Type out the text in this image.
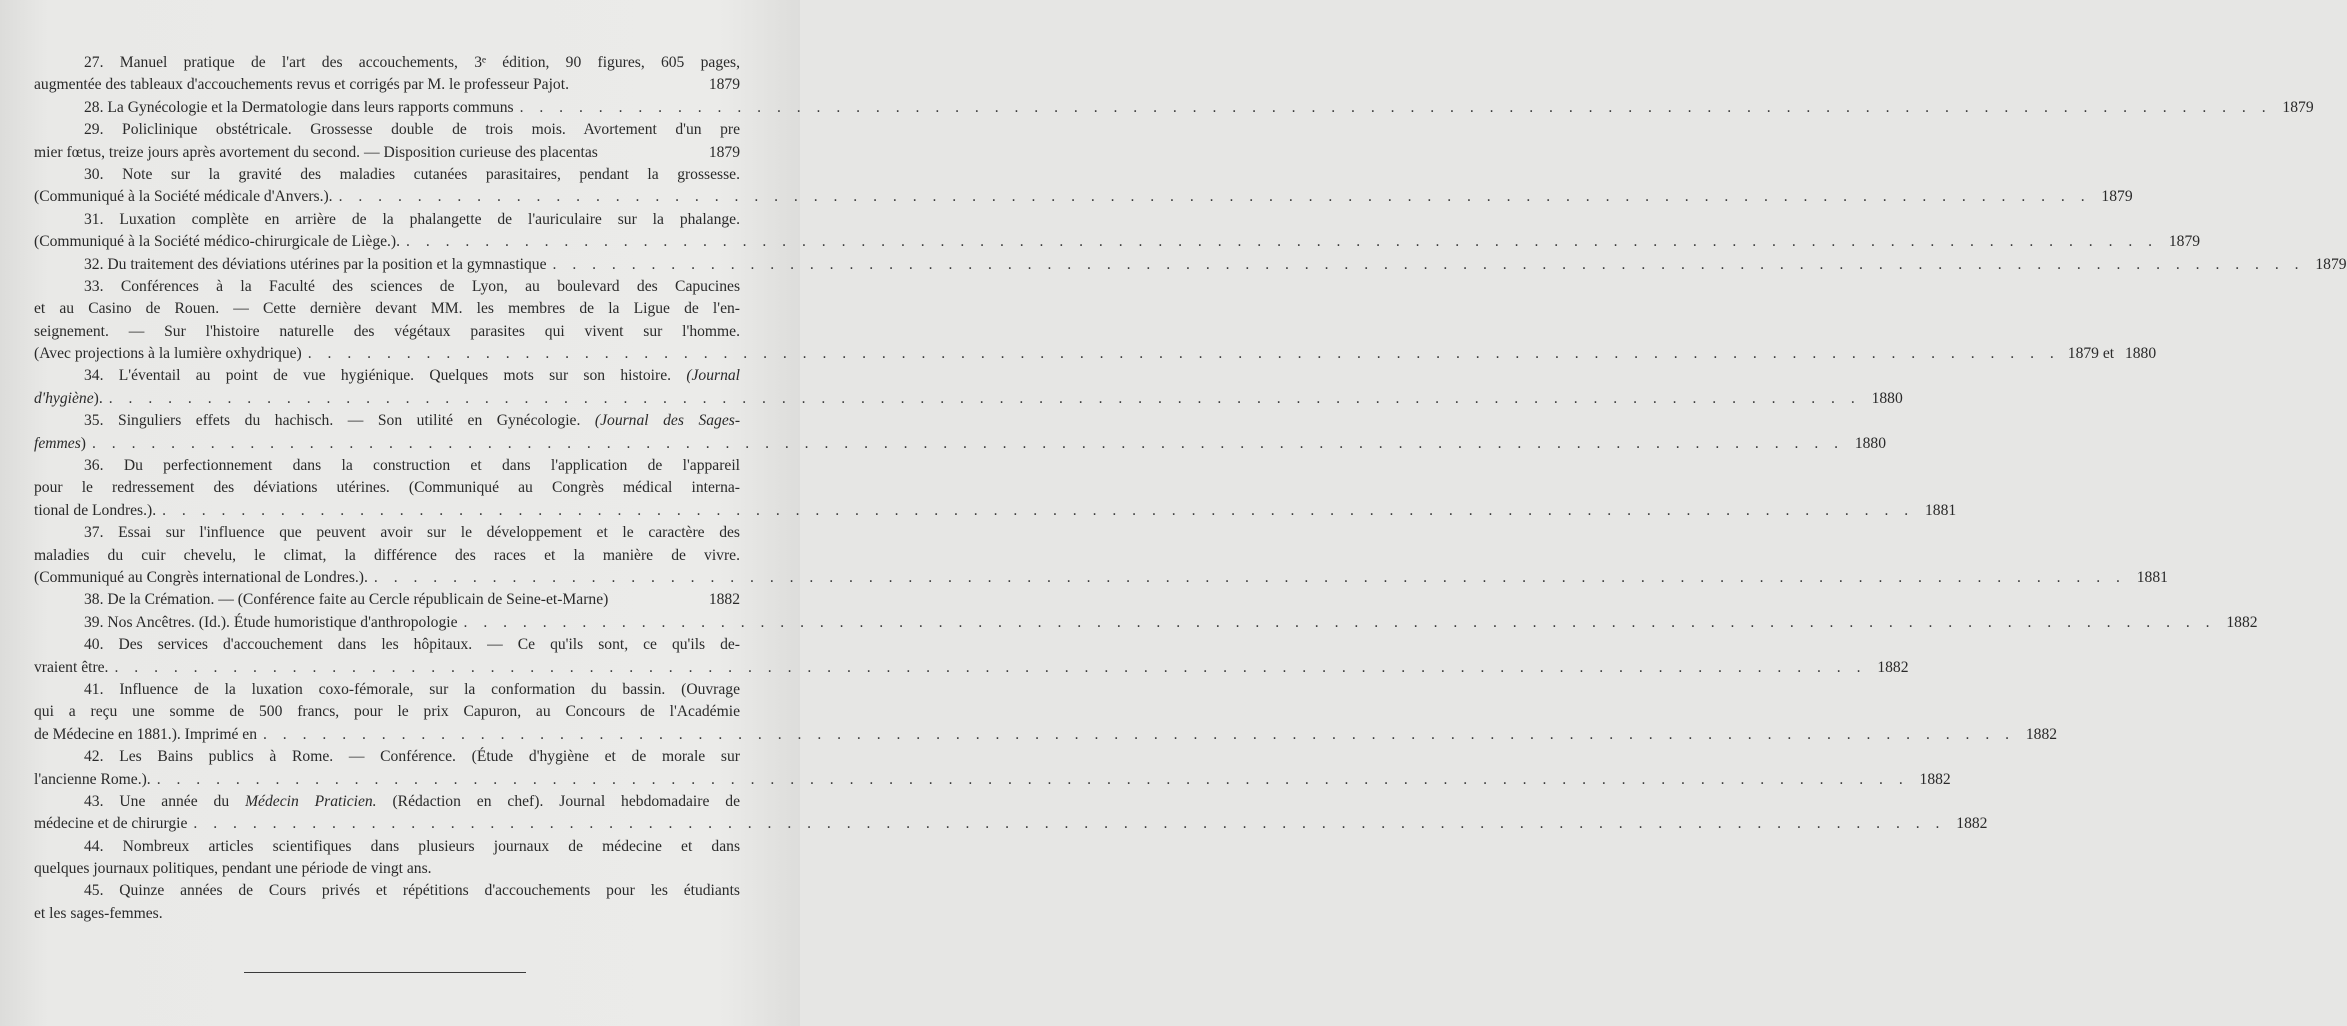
27. Manuel pratique de l'art des accouchements, 3ᵉ édition, 90 figures, 605 pages,
augmentée des tableaux d'accouchements revus et corrigés par M. le professeur Pajot.	1879
28. La Gynécologie et la Dermatologie dans leurs rapports communs . . .	1879
29. Policlinique obstétricale. Grossesse double de trois mois. Avortement d'un pre
mier fœtus, treize jours après avortement du second. — Disposition curieuse des placentas	1879
30. Note sur la gravité des maladies cutanées parasitaires, pendant la grossesse.
(Communiqué à la Société médicale d'Anvers.). . . .	1879
31. Luxation complète en arrière de la phalangette de l'auriculaire sur la phalange.
(Communiqué à la Société médico-chirurgicale de Liège.). . . .	1879
32. Du traitement des déviations utérines par la position et la gymnastique . . .	1879
33. Conférences à la Faculté des sciences de Lyon, au boulevard des Capucines
et au Casino de Rouen. — Cette dernière devant MM. les membres de la Ligue de l'en-
seignement. — Sur l'histoire naturelle des végétaux parasites qui vivent sur l'homme.
(Avec projections à la lumière oxhydrique) . . .	1879 et 1880
34. L'éventail au point de vue hygiénique. Quelques mots sur son histoire. (Journal
d'hygiène). . . .	1880
35. Singuliers effets du hachisch. — Son utilité en Gynécologie. (Journal des Sages-
femmes) . . .	1880
36. Du perfectionnement dans la construction et dans l'application de l'appareil
pour le redressement des déviations utérines. (Communiqué au Congrès médical interna-
tional de Londres.). . . .	1881
37. Essai sur l'influence que peuvent avoir sur le développement et le caractère des
maladies du cuir chevelu, le climat, la différence des races et la manière de vivre.
(Communiqué au Congrès international de Londres.). . . .	1881
38. De la Crémation. — (Conférence faite au Cercle républicain de Seine-et-Marne)	1882
39. Nos Ancêtres. (Id.). Étude humoristique d'anthropologie . . .	1882
40. Des services d'accouchement dans les hôpitaux. — Ce qu'ils sont, ce qu'ils de-
vraient être. . . .	1882
41. Influence de la luxation coxo-fémorale, sur la conformation du bassin. (Ouvrage
qui a reçu une somme de 500 francs, pour le prix Capuron, au Concours de l'Académie
de Médecine en 1881.). Imprimé en . . .	1882
42. Les Bains publics à Rome. — Conférence. (Étude d'hygiène et de morale sur
l'ancienne Rome.). . . .	1882
43. Une année du Médecin Praticien. (Rédaction en chef). Journal hebdomadaire de
médecine et de chirurgie . . .	1882
44. Nombreux articles scientifiques dans plusieurs journaux de médecine et dans
quelques journaux politiques, pendant une période de vingt ans.
45. Quinze années de Cours privés et répétitions d'accouchements pour les étudiants
et les sages-femmes.
